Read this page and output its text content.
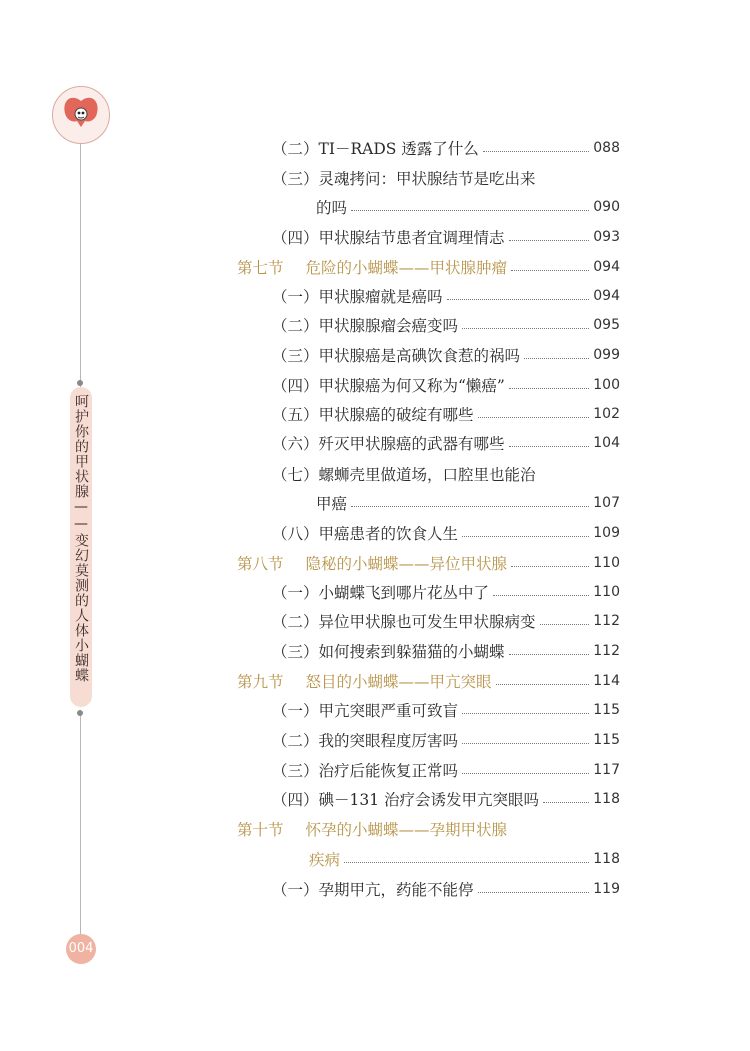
呵护你的甲状腺——变幻莫测的人体小蝴蝶
004
（二）TI－RADS 透露了什么	088
（三）灵魂拷问：甲状腺结节是吃出来
的吗	090
（四）甲状腺结节患者宜调理情志	093
第七节 危险的小蝴蝶——甲状腺肿瘤	094
（一）甲状腺瘤就是癌吗	094
（二）甲状腺腺瘤会癌变吗	095
（三）甲状腺癌是高碘饮食惹的祸吗	099
（四）甲状腺癌为何又称为“懒癌”	100
（五）甲状腺癌的破绽有哪些	102
（六）歼灭甲状腺癌的武器有哪些	104
（七）螺蛳壳里做道场，口腔里也能治
甲癌	107
（八）甲癌患者的饮食人生	109
第八节 隐秘的小蝴蝶——异位甲状腺	110
（一）小蝴蝶飞到哪片花丛中了	110
（二）异位甲状腺也可发生甲状腺病变	112
（三）如何搜索到躲猫猫的小蝴蝶	112
第九节 怒目的小蝴蝶——甲亢突眼	114
（一）甲亢突眼严重可致盲	115
（二）我的突眼程度厉害吗	115
（三）治疗后能恢复正常吗	117
（四）碘－131 治疗会诱发甲亢突眼吗	118
第十节 怀孕的小蝴蝶——孕期甲状腺
疾病	118
（一）孕期甲亢，药能不能停	119
